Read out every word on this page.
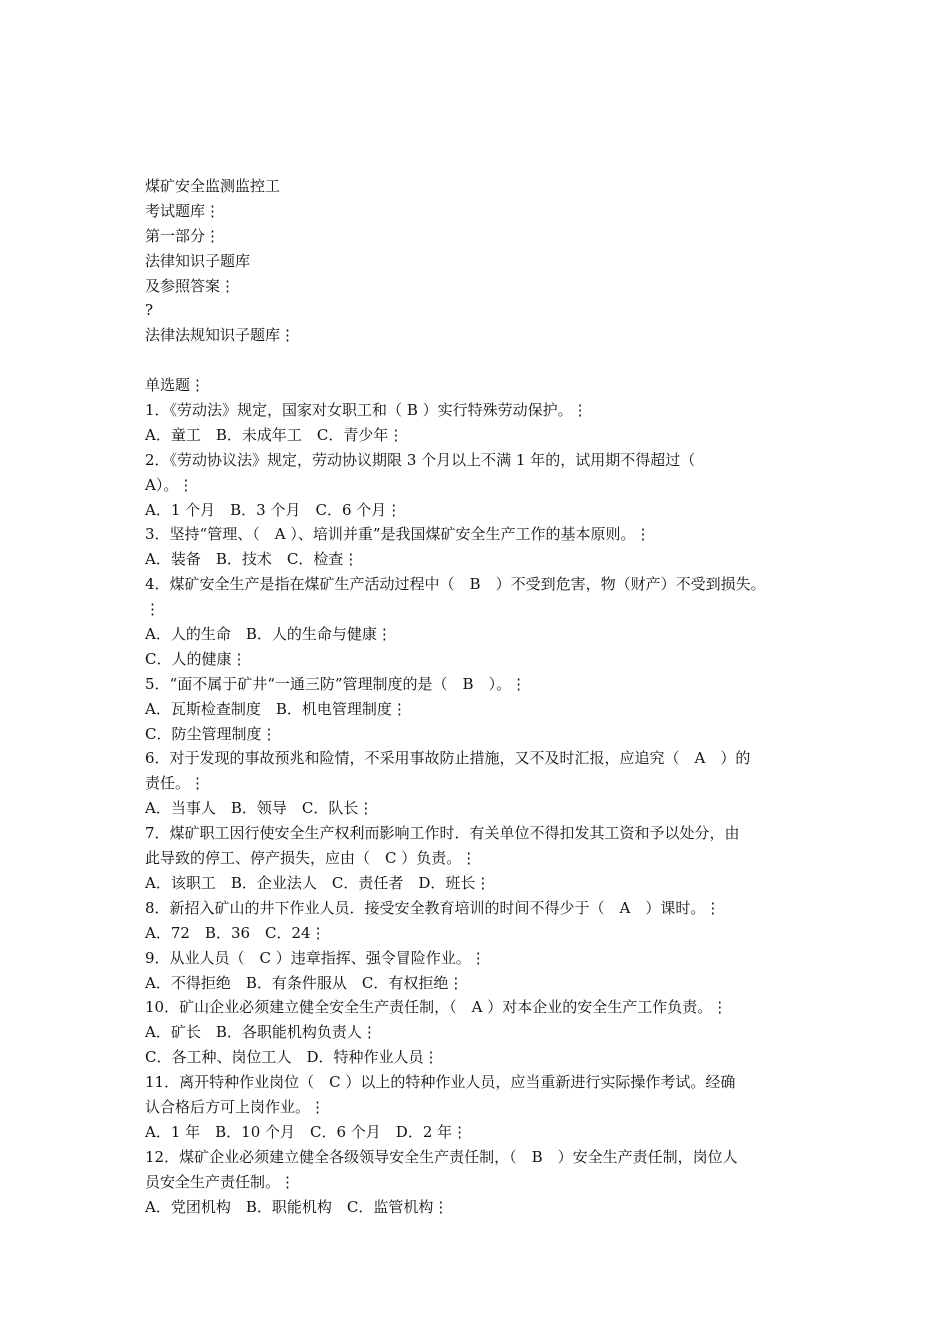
煤矿安全监测监控工
考试题库⋮
第一部分⋮
法律知识子题库
及参照答案⋮
?
法律法规知识子题库⋮
单选题⋮
1．《劳动法》规定，国家对女职工和（ B ）实行特殊劳动保护。⋮
A．童工　B．未成年工　C．青少年⋮
2．《劳动协议法》规定，劳动协议期限 3 个月以上不满 1 年的，试用期不得超过（
A）。⋮
A．1 个月　B．3 个月　C．6 个月⋮
3．坚持“管理、（　A ）、培训并重”是我国煤矿安全生产工作的基本原则。⋮
A．装备　B．技术　C．检查⋮
4．煤矿安全生产是指在煤矿生产活动过程中（　B　）不受到危害，物（财产）不受到损失。
⋮
A．人的生命　B．人的生命与健康⋮
C．人的健康⋮
5．“面不属于矿井“一通三防”管理制度的是（　B　）。⋮
A．瓦斯检查制度　B．机电管理制度⋮
C．防尘管理制度⋮
6．对于发现的事故预兆和险情，不采用事故防止措施，又不及时汇报，应追究（　A　）的
责任。⋮
A．当事人　B．领导　C．队长⋮
7．煤矿职工因行使安全生产权利而影响工作时．有关单位不得扣发其工资和予以处分，由
此导致的停工、停产损失，应由（　C ）负责。⋮
A．该职工　B．企业法人　C．责任者　D．班长⋮
8．新招入矿山的井下作业人员．接受安全教育培训的时间不得少于（　A　）课时。⋮
A．72　B．36　C．24⋮
9．从业人员（　C ）违章指挥、强令冒险作业。⋮
A．不得拒绝　B．有条件服从　C．有权拒绝⋮
10．矿山企业必须建立健全安全生产责任制，（　A ）对本企业的安全生产工作负责。⋮
A．矿长　B．各职能机构负责人⋮
C．各工种、岗位工人　D．特种作业人员⋮
11．离开特种作业岗位（　C ）以上的特种作业人员，应当重新进行实际操作考试。经确
认合格后方可上岗作业。⋮
A．1 年　B．10 个月　C．6 个月　D．2 年⋮
12．煤矿企业必须建立健全各级领导安全生产责任制，（　B　）安全生产责任制，岗位人
员安全生产责任制。⋮
A．党团机构　B．职能机构　C．监管机构⋮
